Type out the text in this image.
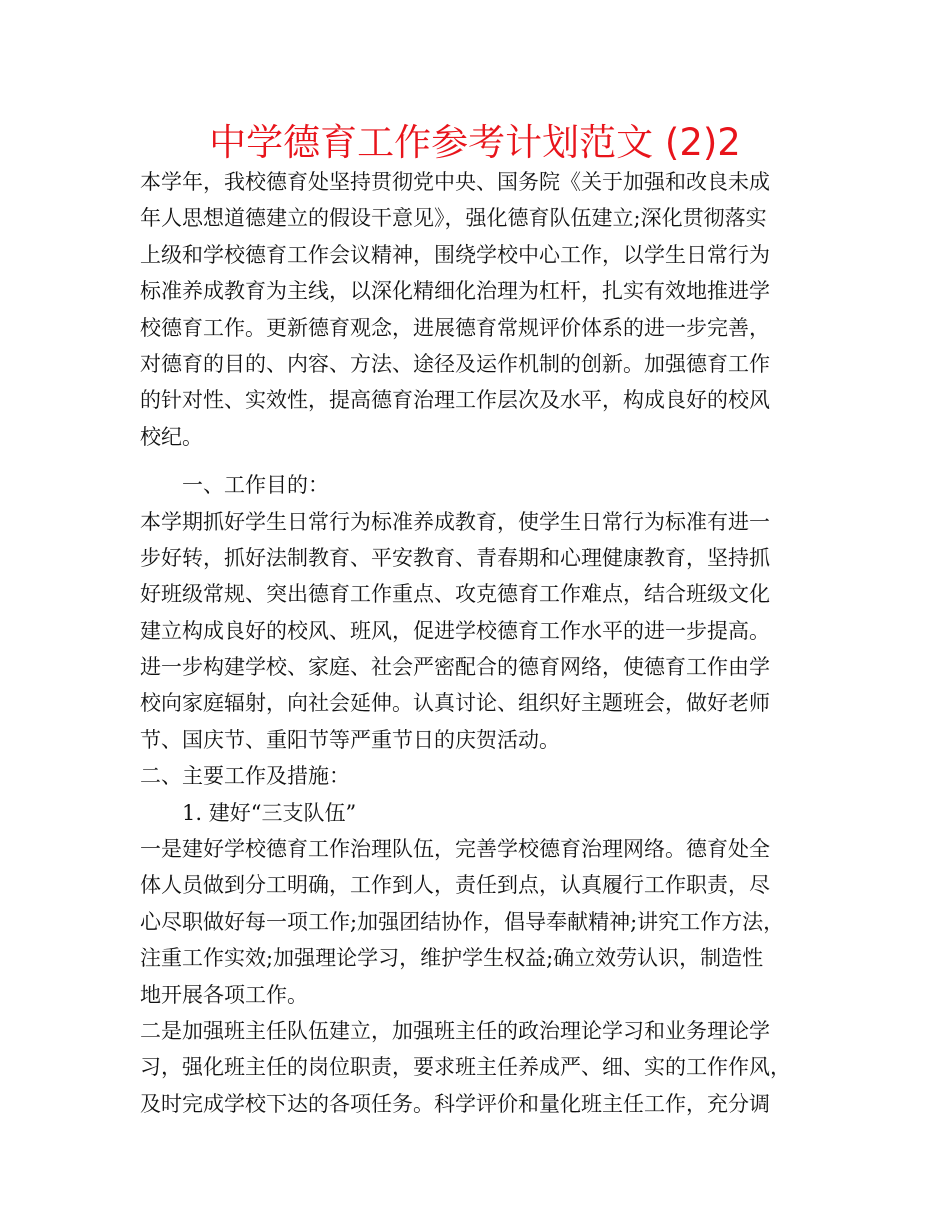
中学德育工作参考计划范文 (2)2
本学年，我校德育处坚持贯彻党中央、国务院《关于加强和改良未成
年人思想道德建立的假设干意见》，强化德育队伍建立;深化贯彻落实
上级和学校德育工作会议精神，围绕学校中心工作，以学生日常行为
标准养成教育为主线，以深化精细化治理为杠杆，扎实有效地推进学
校德育工作。更新德育观念，进展德育常规评价体系的进一步完善，
对德育的目的、内容、方法、途径及运作机制的创新。加强德育工作
的针对性、实效性，提高德育治理工作层次及水平，构成良好的校风
校纪。
一、工作目的：
本学期抓好学生日常行为标准养成教育，使学生日常行为标准有进一
步好转，抓好法制教育、平安教育、青春期和心理健康教育，坚持抓
好班级常规、突出德育工作重点、攻克德育工作难点，结合班级文化
建立构成良好的校风、班风，促进学校德育工作水平的进一步提高。
进一步构建学校、家庭、社会严密配合的德育网络，使德育工作由学
校向家庭辐射，向社会延伸。认真讨论、组织好主题班会，做好老师
节、国庆节、重阳节等严重节日的庆贺活动。
二、主要工作及措施：
1. 建好“三支队伍”
一是建好学校德育工作治理队伍，完善学校德育治理网络。德育处全
体人员做到分工明确，工作到人，责任到点，认真履行工作职责，尽
心尽职做好每一项工作;加强团结协作，倡导奉献精神;讲究工作方法，
注重工作实效;加强理论学习，维护学生权益;确立效劳认识，制造性
地开展各项工作。
二是加强班主任队伍建立，加强班主任的政治理论学习和业务理论学
习，强化班主任的岗位职责，要求班主任养成严、细、实的工作作风，
及时完成学校下达的各项任务。科学评价和量化班主任工作，充分调
